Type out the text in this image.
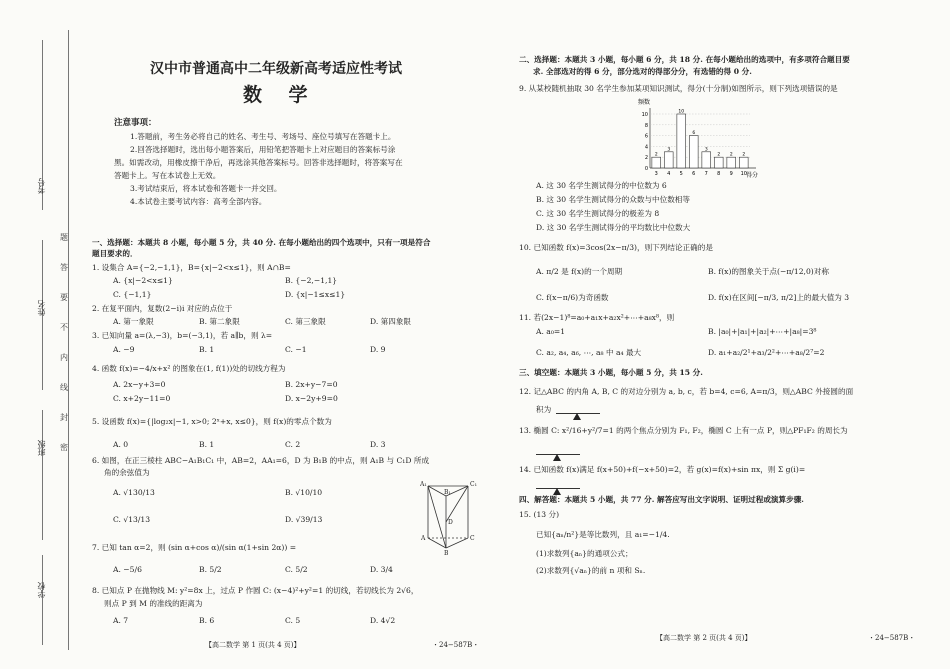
考号
姓名
班级
学校
题
答
要
不
内
线
封
密
汉中市普通高中二年级新高考适应性考试
数    学
注意事项：
1.答题前，考生务必将自己的姓名、考生号、考场号、座位号填写在答题卡上。
2.回答选择题时，选出每小题答案后，用铅笔把答题卡上对应题目的答案标号涂
黑。如需改动，用橡皮擦干净后，再选涂其他答案标号。回答非选择题时，将答案写在
答题卡上。写在本试卷上无效。
3.考试结束后，将本试卷和答题卡一并交回。
4.本试卷主要考试内容：高考全部内容。
一、选择题：本题共 8 小题，每小题 5 分，共 40 分. 在每小题给出的四个选项中，只有一项是符合
题目要求的．
1. 设集合 A={−2,−1,1}，B={x|−2<x≤1}，则 A∩B=
A. {x|−2<x≤1}	B. {−2,−1,1}
C. {−1,1}	D. {x|−1≤x≤1}
2. 在复平面内，复数(2−i)i 对应的点位于
A. 第一象限	B. 第二象限	C. 第三象限	D. 第四象限
3. 已知向量 a=(λ,−3)，b=(−3,1)，若 a∥b，则 λ=
A. −9	B. 1	C. −1	D. 9
4. 函数 f(x)=−4/x+x² 的图象在(1, f(1))处的切线方程为
A. 2x−y+3=0	B. 2x+y−7=0
C. x+2y−11=0	D. x−2y+9=0
5. 设函数 f(x)={|log₂x|−1, x>0; 2ˣ+x, x≤0}，则 f(x)的零点个数为
A. 0	B. 1	C. 2	D. 3
6. 如图，在正三棱柱 ABC−A₁B₁C₁ 中，AB=2，AA₁=6，D 为 B₁B 的中点，则 A₁B 与 C₁D 所成
角的余弦值为
A. √130/13	B. √10/10
C. √13/13	D. √39/13
A₁	C₁
B₁
D
A	C
B
7. 已知 tan α=2，则 (sin α+cos α)/(sin α(1+sin 2α)) =
A. −5/6	B. 5/2	C. 5/2	D. 3/4
8. 已知点 P 在抛物线 M: y²=8x 上，过点 P 作圆 C: (x−4)²+y²=1 的切线，若切线长为 2√6，
则点 P 到 M 的准线的距离为
A. 7	B. 6	C. 5	D. 4√2
【高二数学 第 1 页(共 4 页)】	・24−587B・
二、选择题：本题共 3 小题，每小题 6 分，共 18 分. 在每小题给出的选项中，有多项符合题目要
求. 全部选对的得 6 分，部分选对的得部分分，有选错的得 0 分.
9. 从某校随机抽取 30 名学生参加某项知识测试，得分(十分制)如图所示，则下列选项错误的是
频数
得分
0
2
4
6
8
10
3 4 5 6 7 8 9 10
2
3
10
6
3
2 2 2
A. 这 30 名学生测试得分的中位数为 6
B. 这 30 名学生测试得分的众数与中位数相等
C. 这 30 名学生测试得分的极差为 8
D. 这 30 名学生测试得分的平均数比中位数大
10. 已知函数 f(x)=3cos(2x−π/3)，则下列结论正确的是
A. π/2 是 f(x)的一个周期	B. f(x)的图象关于点(−π/12,0)对称
C. f(x−π/6)为奇函数	D. f(x)在区间[−π/3, π/2]上的最大值为 3
11. 若(2x−1)⁸=a₀+a₁x+a₂x²+⋯+a₈x⁸，则
A. a₀=1	B. |a₀|+|a₁|+|a₂|+⋯+|a₈|=3⁸
C. a₂, a₄, a₆, ⋯, a₈ 中 a₄ 最大	D. a₁+a₂/2¹+a₃/2²+⋯+a₈/2⁷=2
三、填空题：本题共 3 小题，每小题 5 分，共 15 分.
12. 记△ABC 的内角 A, B, C 的对边分别为 a, b, c，若 b=4, c=6, A=π/3，则△ABC 外接圆的面
积为
13. 椭圆 C: x²/16+y²/7=1 的两个焦点分别为 F₁, F₂，椭圆 C 上有一点 P，则△PF₁F₂ 的周长为
14. 已知函数 f(x)满足 f(x+50)+f(−x+50)=2，若 g(x)=f(x)+sin πx，则 Σ g(i)=
四、解答题：本题共 5 小题，共 77 分. 解答应写出文字说明、证明过程或演算步骤.
15. (13 分)
已知{aₙ/n²}是等比数列，且 a₁=−1/4.
(1)求数列{aₙ}的通项公式；
(2)求数列{√aₙ}的前 n 项和 Sₙ.
【高二数学 第 2 页(共 4 页)】	・24−587B・
